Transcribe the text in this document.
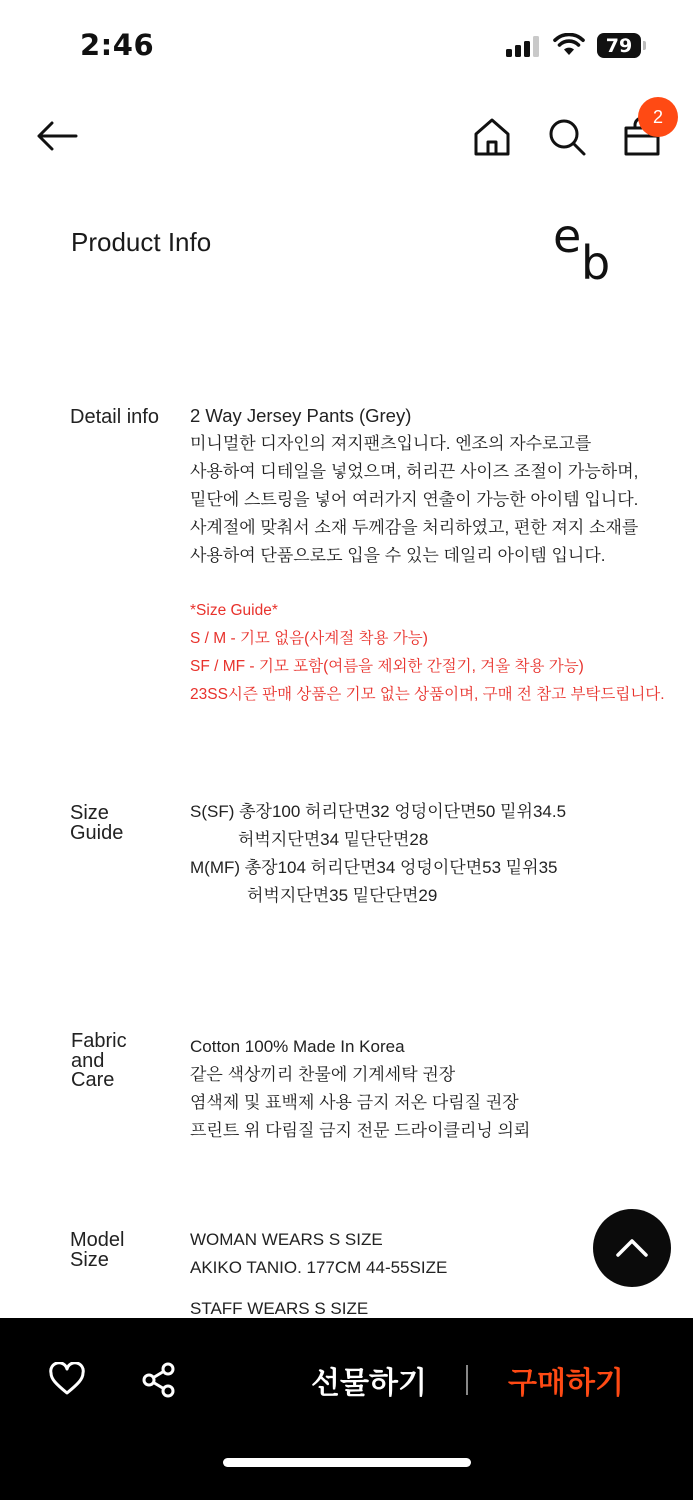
2:46	79
2
Product Info	e b
Detail info 2 Way Jersey Pants (Grey)
미니멀한 디자인의 져지팬츠입니다. 엔조의 자수로고를
사용하여 디테일을 넣었으며, 허리끈 사이즈 조절이 가능하며,
밑단에 스트링을 넣어 여러가지 연출이 가능한 아이템 입니다.
사계절에 맞춰서 소재 두께감을 처리하였고, 편한 져지 소재를
사용하여 단품으로도 입을 수 있는 데일리 아이템 입니다.
*Size Guide*
S / M - 기모 없음(사계절 착용 가능)
SF / MF - 기모 포함(여름을 제외한 간절기, 겨울 착용 가능)
23SS시즌 판매 상품은 기모 없는 상품이며, 구매 전 참고 부탁드립니다.
Size Guide
S(SF) 총장100 허리단면32 엉덩이단면50 밑위34.5
허벅지단면34 밑단단면28
M(MF) 총장104 허리단면34 엉덩이단면53 밑위35
허벅지단면35 밑단단면29
Fabric and Care
Cotton 100% Made In Korea
같은 색상끼리 찬물에 기계세탁 권장
염색제 및 표백제 사용 금지 저온 다림질 권장
프린트 위 다림질 금지 전문 드라이클리닝 의뢰
Model Size
WOMAN WEARS S SIZE
AKIKO TANIO. 177CM 44-55SIZE
STAFF WEARS S SIZE
선물하기	구매하기
